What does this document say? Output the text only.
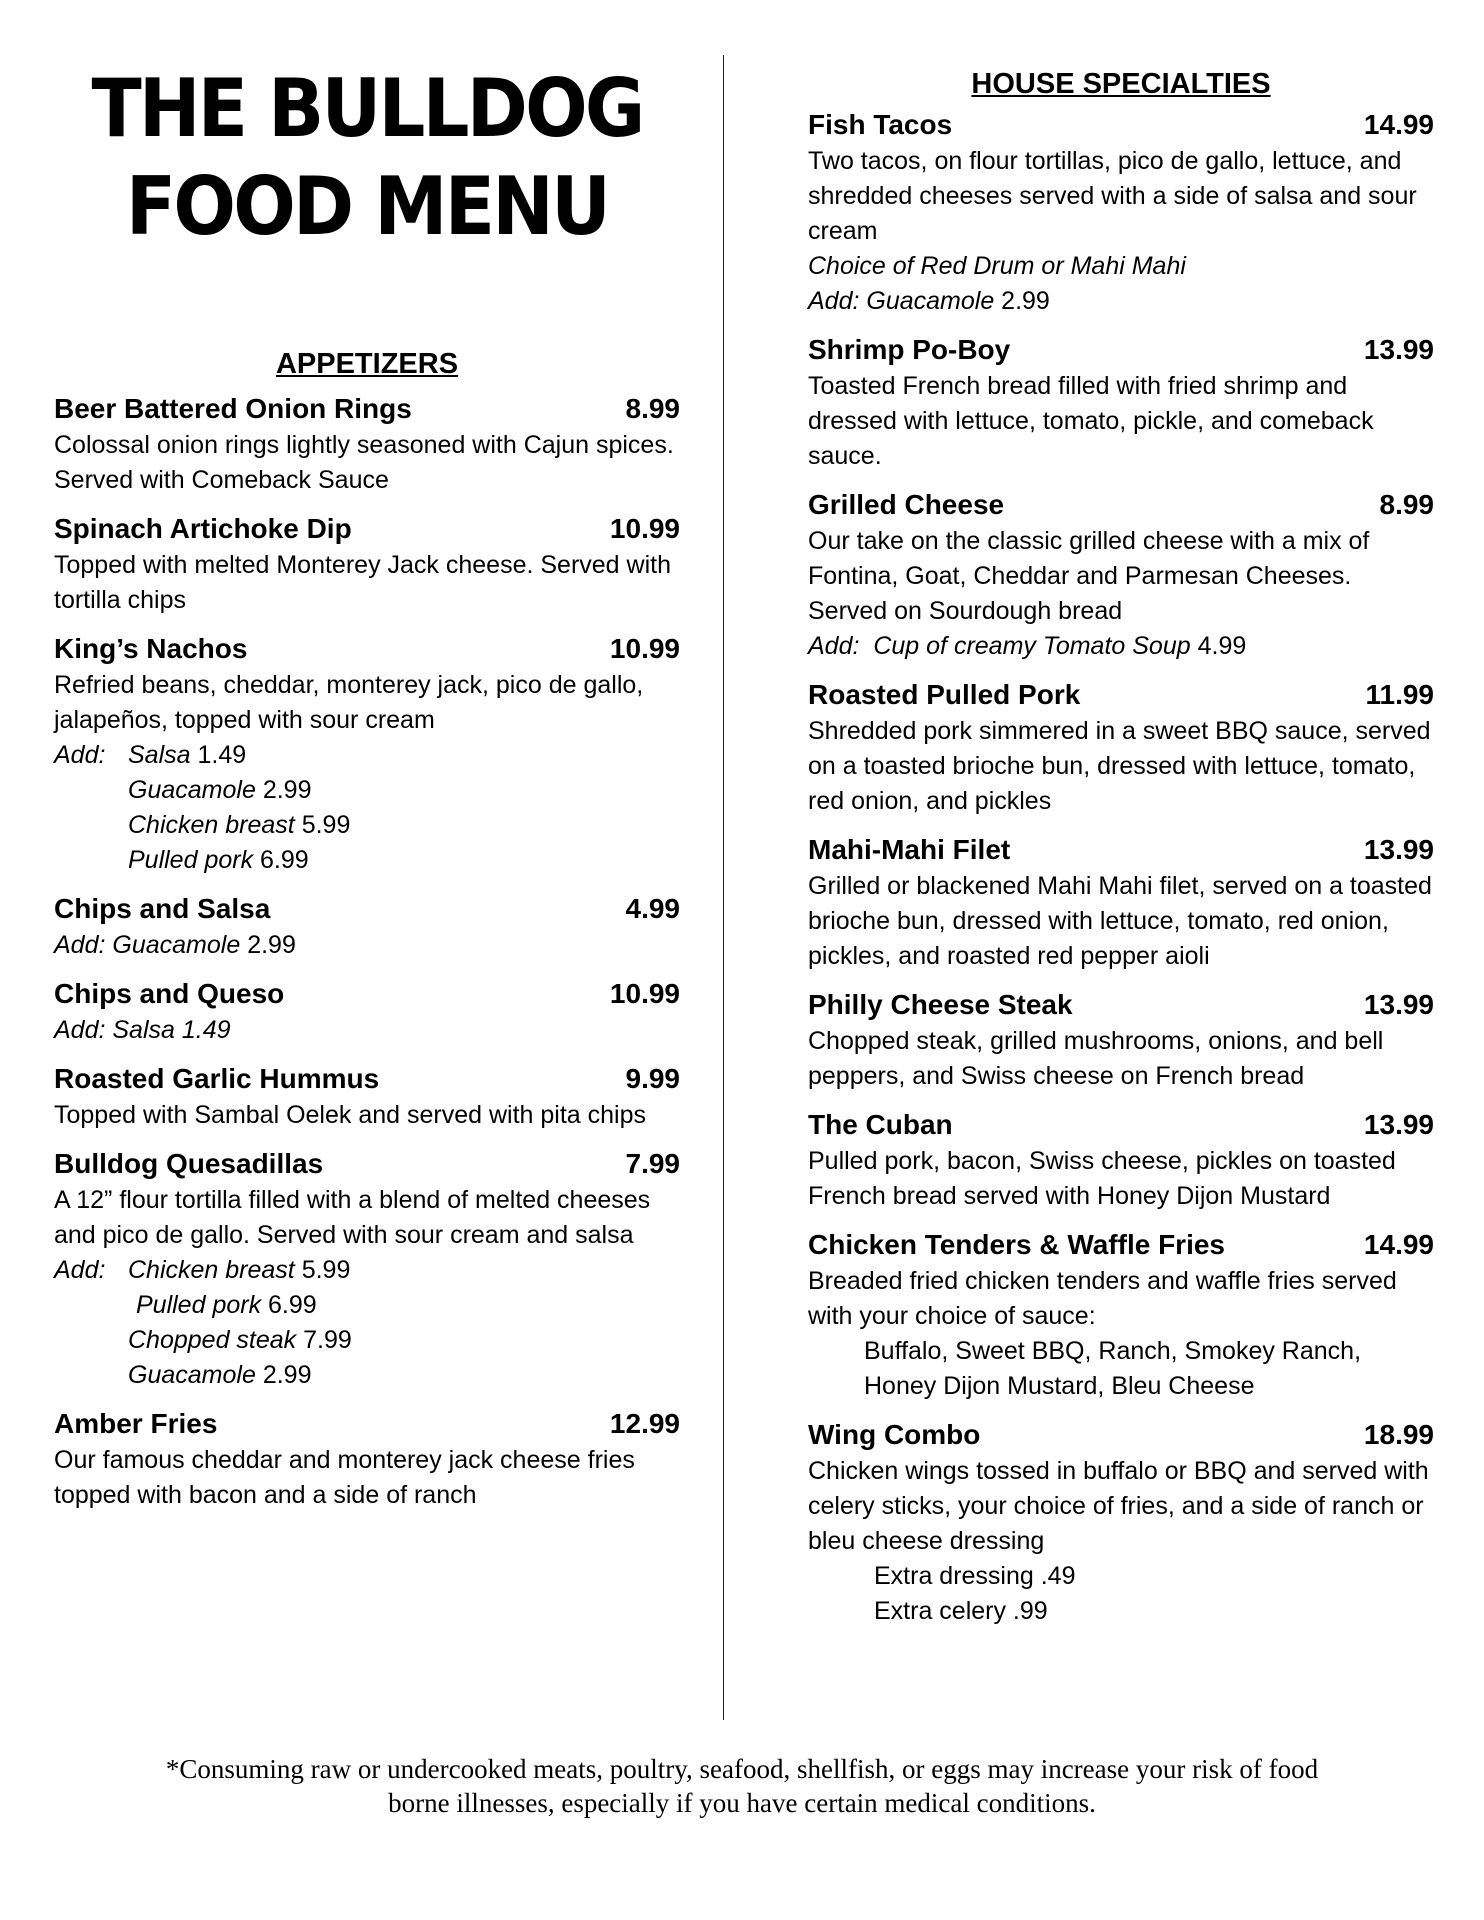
THE BULLDOG
FOOD MENU
APPETIZERS
Beer Battered Onion Rings	8.99
Colossal onion rings lightly seasoned with Cajun spices. Served with Comeback Sauce
Spinach Artichoke Dip	10.99
Topped with melted Monterey Jack cheese. Served with tortilla chips
King’s Nachos	10.99
Refried beans, cheddar, monterey jack, pico de gallo, jalapeños, topped with sour cream
Add: Salsa 1.49
Guacamole 2.99
Chicken breast 5.99
Pulled pork 6.99
Chips and Salsa	4.99
Add: Guacamole 2.99
Chips and Queso	10.99
Add: Salsa 1.49
Roasted Garlic Hummus	9.99
Topped with Sambal Oelek and served with pita chips
Bulldog Quesadillas	7.99
A 12” flour tortilla filled with a blend of melted cheeses and pico de gallo. Served with sour cream and salsa
Add: Chicken breast 5.99
Pulled pork 6.99
Chopped steak 7.99
Guacamole 2.99
Amber Fries	12.99
Our famous cheddar and monterey jack cheese fries topped with bacon and a side of ranch
HOUSE SPECIALTIES
Fish Tacos	14.99
Two tacos, on flour tortillas, pico de gallo, lettuce, and shredded cheeses served with a side of salsa and sour cream
Choice of Red Drum or Mahi Mahi
Add: Guacamole 2.99
Shrimp Po-Boy	13.99
Toasted French bread filled with fried shrimp and dressed with lettuce, tomato, pickle, and comeback sauce.
Grilled Cheese	8.99
Our take on the classic grilled cheese with a mix of Fontina, Goat, Cheddar and Parmesan Cheeses. Served on Sourdough bread
Add: Cup of creamy Tomato Soup 4.99
Roasted Pulled Pork	11.99
Shredded pork simmered in a sweet BBQ sauce, served on a toasted brioche bun, dressed with lettuce, tomato, red onion, and pickles
Mahi-Mahi Filet	13.99
Grilled or blackened Mahi Mahi filet, served on a toasted brioche bun, dressed with lettuce, tomato, red onion, pickles, and roasted red pepper aioli
Philly Cheese Steak	13.99
Chopped steak, grilled mushrooms, onions, and bell peppers, and Swiss cheese on French bread
The Cuban	13.99
Pulled pork, bacon, Swiss cheese, pickles on toasted French bread served with Honey Dijon Mustard
Chicken Tenders & Waffle Fries	14.99
Breaded fried chicken tenders and waffle fries served with your choice of sauce:
Buffalo, Sweet BBQ, Ranch, Smokey Ranch,
Honey Dijon Mustard, Bleu Cheese
Wing Combo	18.99
Chicken wings tossed in buffalo or BBQ and served with celery sticks, your choice of fries, and a side of ranch or bleu cheese dressing
Extra dressing .49
Extra celery .99
*Consuming raw or undercooked meats, poultry, seafood, shellfish, or eggs may increase your risk of food
borne illnesses, especially if you have certain medical conditions.
